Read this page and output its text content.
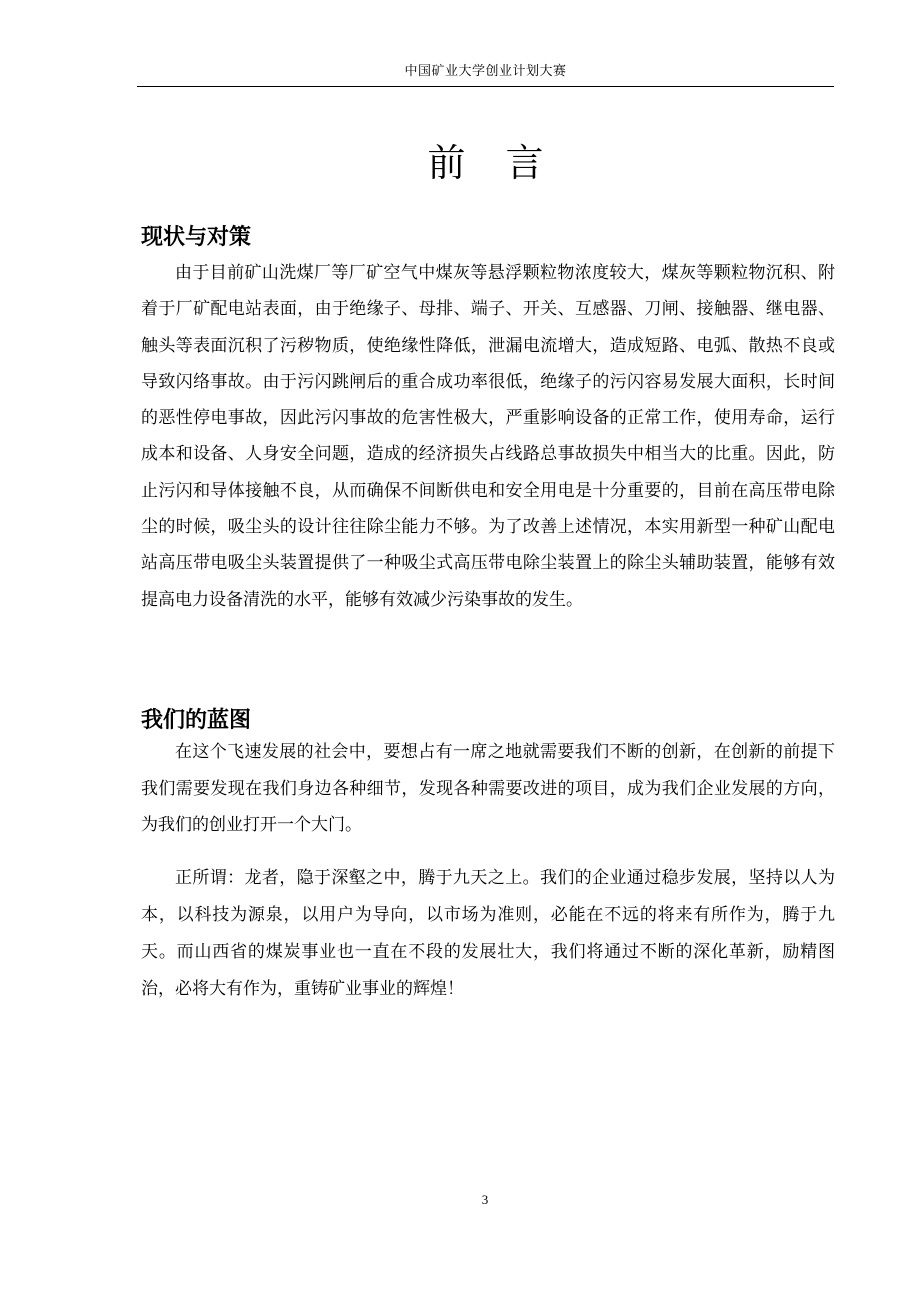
中国矿业大学创业计划大赛
前言
现状与对策

由于目前矿山洗煤厂等厂矿空气中煤灰等悬浮颗粒物浓度较大，煤灰等颗粒物沉积、附着于厂矿配电站表面，由于绝缘子、母排、端子、开关、互感器、刀闸、接触器、继电器、触头等表面沉积了污秽物质，使绝缘性降低，泄漏电流增大，造成短路、电弧、散热不良或导致闪络事故。由于污闪跳闸后的重合成功率很低，绝缘子的污闪容易发展大面积，长时间的恶性停电事故，因此污闪事故的危害性极大，严重影响设备的正常工作，使用寿命，运行成本和设备、人身安全问题，造成的经济损失占线路总事故损失中相当大的比重。因此，防止污闪和导体接触不良，从而确保不间断供电和安全用电是十分重要的，目前在高压带电除尘的时候，吸尘头的设计往往除尘能力不够。为了改善上述情况，本实用新型一种矿山配电站高压带电吸尘头装置提供了一种吸尘式高压带电除尘装置上的除尘头辅助装置，能够有效提高电力设备清洗的水平，能够有效减少污染事故的发生。

我们的蓝图

在这个飞速发展的社会中，要想占有一席之地就需要我们不断的创新，在创新的前提下我们需要发现在我们身边各种细节，发现各种需要改进的项目，成为我们企业发展的方向，为我们的创业打开一个大门。

正所谓：龙者，隐于深壑之中，腾于九天之上。我们的企业通过稳步发展，坚持以人为本，以科技为源泉，以用户为导向，以市场为准则，必能在不远的将来有所作为，腾于九天。而山西省的煤炭事业也一直在不段的发展壮大，我们将通过不断的深化革新，励精图治，必将大有作为，重铸矿业事业的辉煌！

3
